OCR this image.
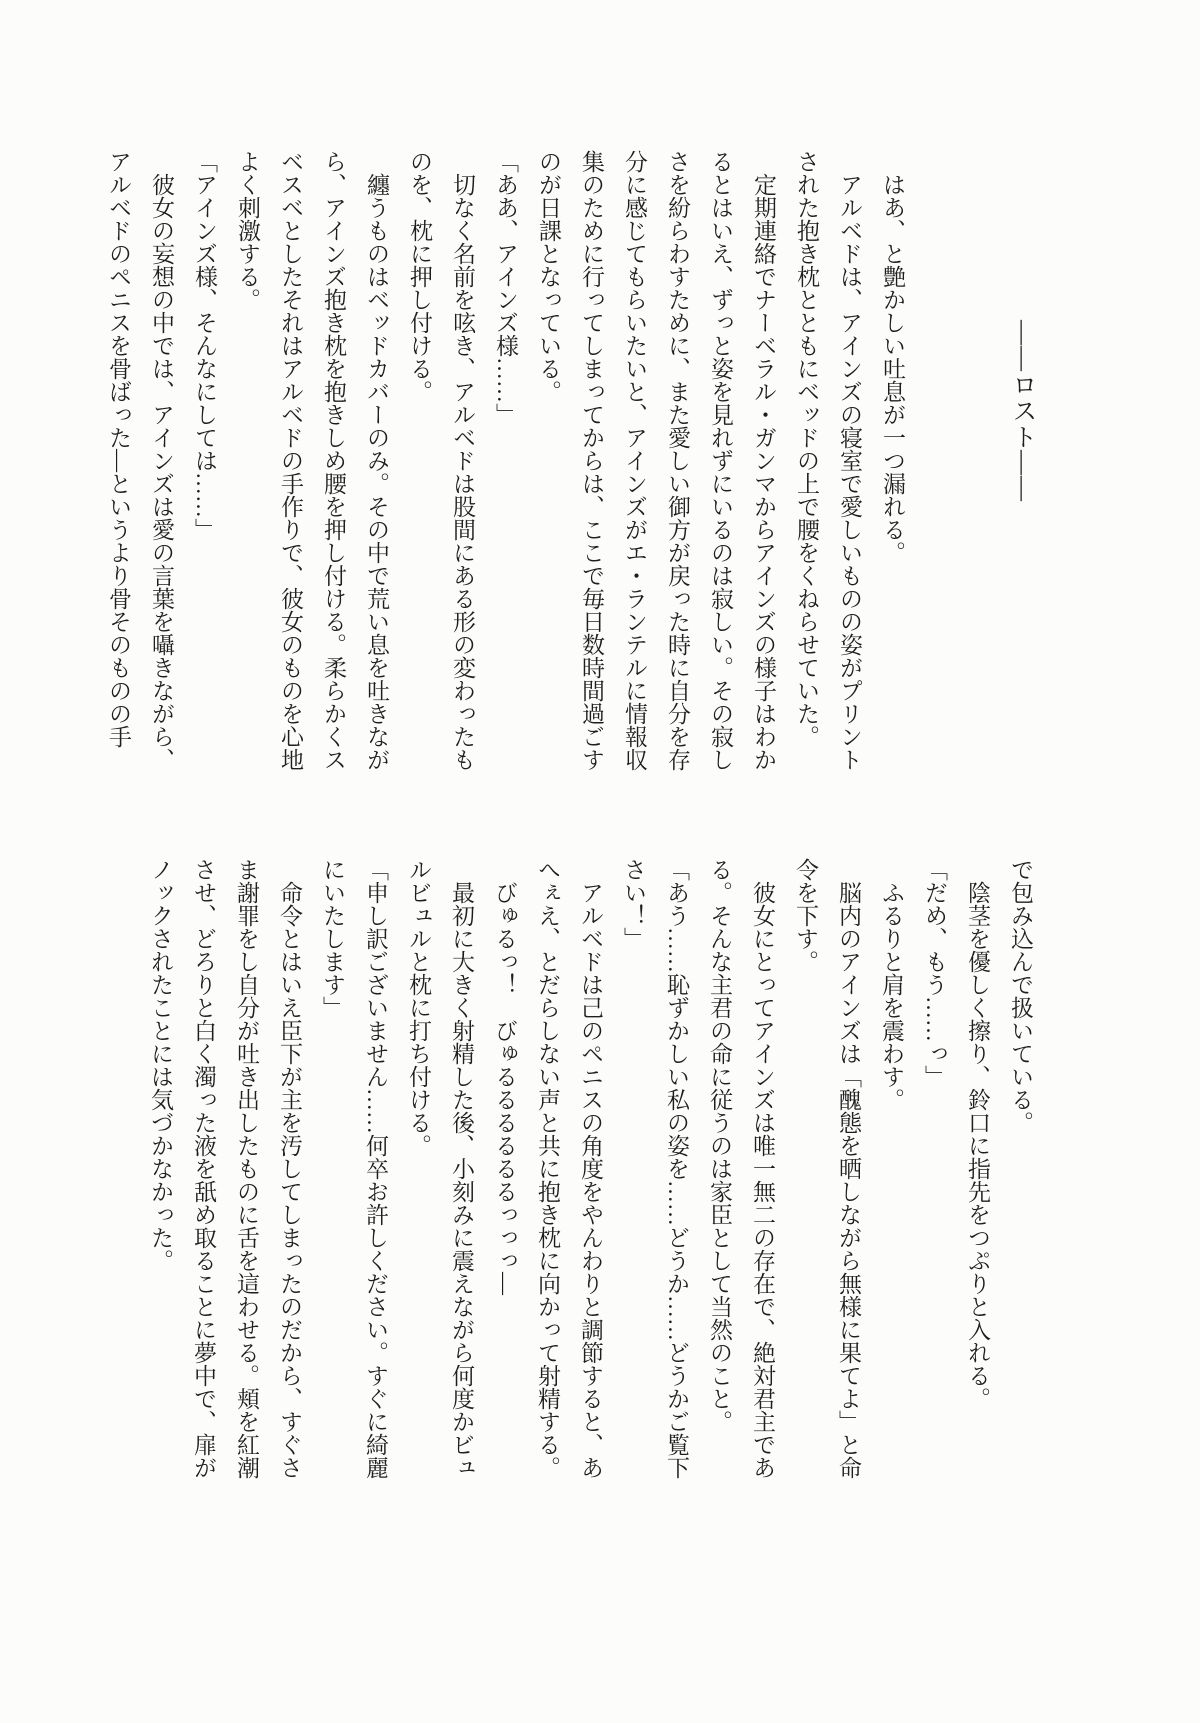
――ロスト――

はあ、と艶かしい吐息が一つ漏れる。

アルベドは、アインズの寝室で愛しいものの姿がプリントされた抱き枕とともにベッドの上で腰をくねらせていた。

定期連絡でナーベラル・ガンマからアインズの様子はわかるとはいえ、ずっと姿を見れずにいるのは寂しい。その寂しさを紛らわすために、また愛しい御方が戻った時に自分を存分に感じてもらいたいと、アインズがエ・ランテルに情報収集のために行ってしまってからは、ここで毎日数時間過ごすのが日課となっている。

「ああ、アインズ様……」

切なく名前を呟き、アルベドは股間にある形の変わったものを、枕に押し付ける。

纏うものはベッドカバーのみ。その中で荒い息を吐きながら、アインズ抱き枕を抱きしめ腰を押し付ける。柔らかくスベスベとしたそれはアルベドの手作りで、彼女のものを心地よく刺激する。

「アインズ様、そんなにしては……」

彼女の妄想の中では、アインズは愛の言葉を囁きながら、アルベドのペニスを骨ばった―というより骨そのものの手

で包み込んで扱いている。

陰茎を優しく擦り、鈴口に指先をつぷりと入れる。

「だめ、もう……っ」

ふるりと肩を震わす。

脳内のアインズは「醜態を晒しながら無様に果てよ」と命令を下す。

彼女にとってアインズは唯一無二の存在で、絶対君主である。そんな主君の命に従うのは家臣として当然のこと。

「あう……恥ずかしい私の姿を……どうか……どうかご覧下さい！」

アルベドは己のペニスの角度をやんわりと調節すると、あへぇえ、とだらしない声と共に抱き枕に向かって射精する。

びゅるっ！　びゅるるるるるるっっっ―

最初に大きく射精した後、小刻みに震えながら何度かビュルビュルと枕に打ち付ける。

「申し訳ございません……何卒お許しください。すぐに綺麗にいたします」

命令とはいえ臣下が主を汚してしまったのだから、すぐさま謝罪をし自分が吐き出したものに舌を這わせる。頬を紅潮させ、どろりと白く濁った液を舐め取ることに夢中で、扉がノックされたことには気づかなかった。
